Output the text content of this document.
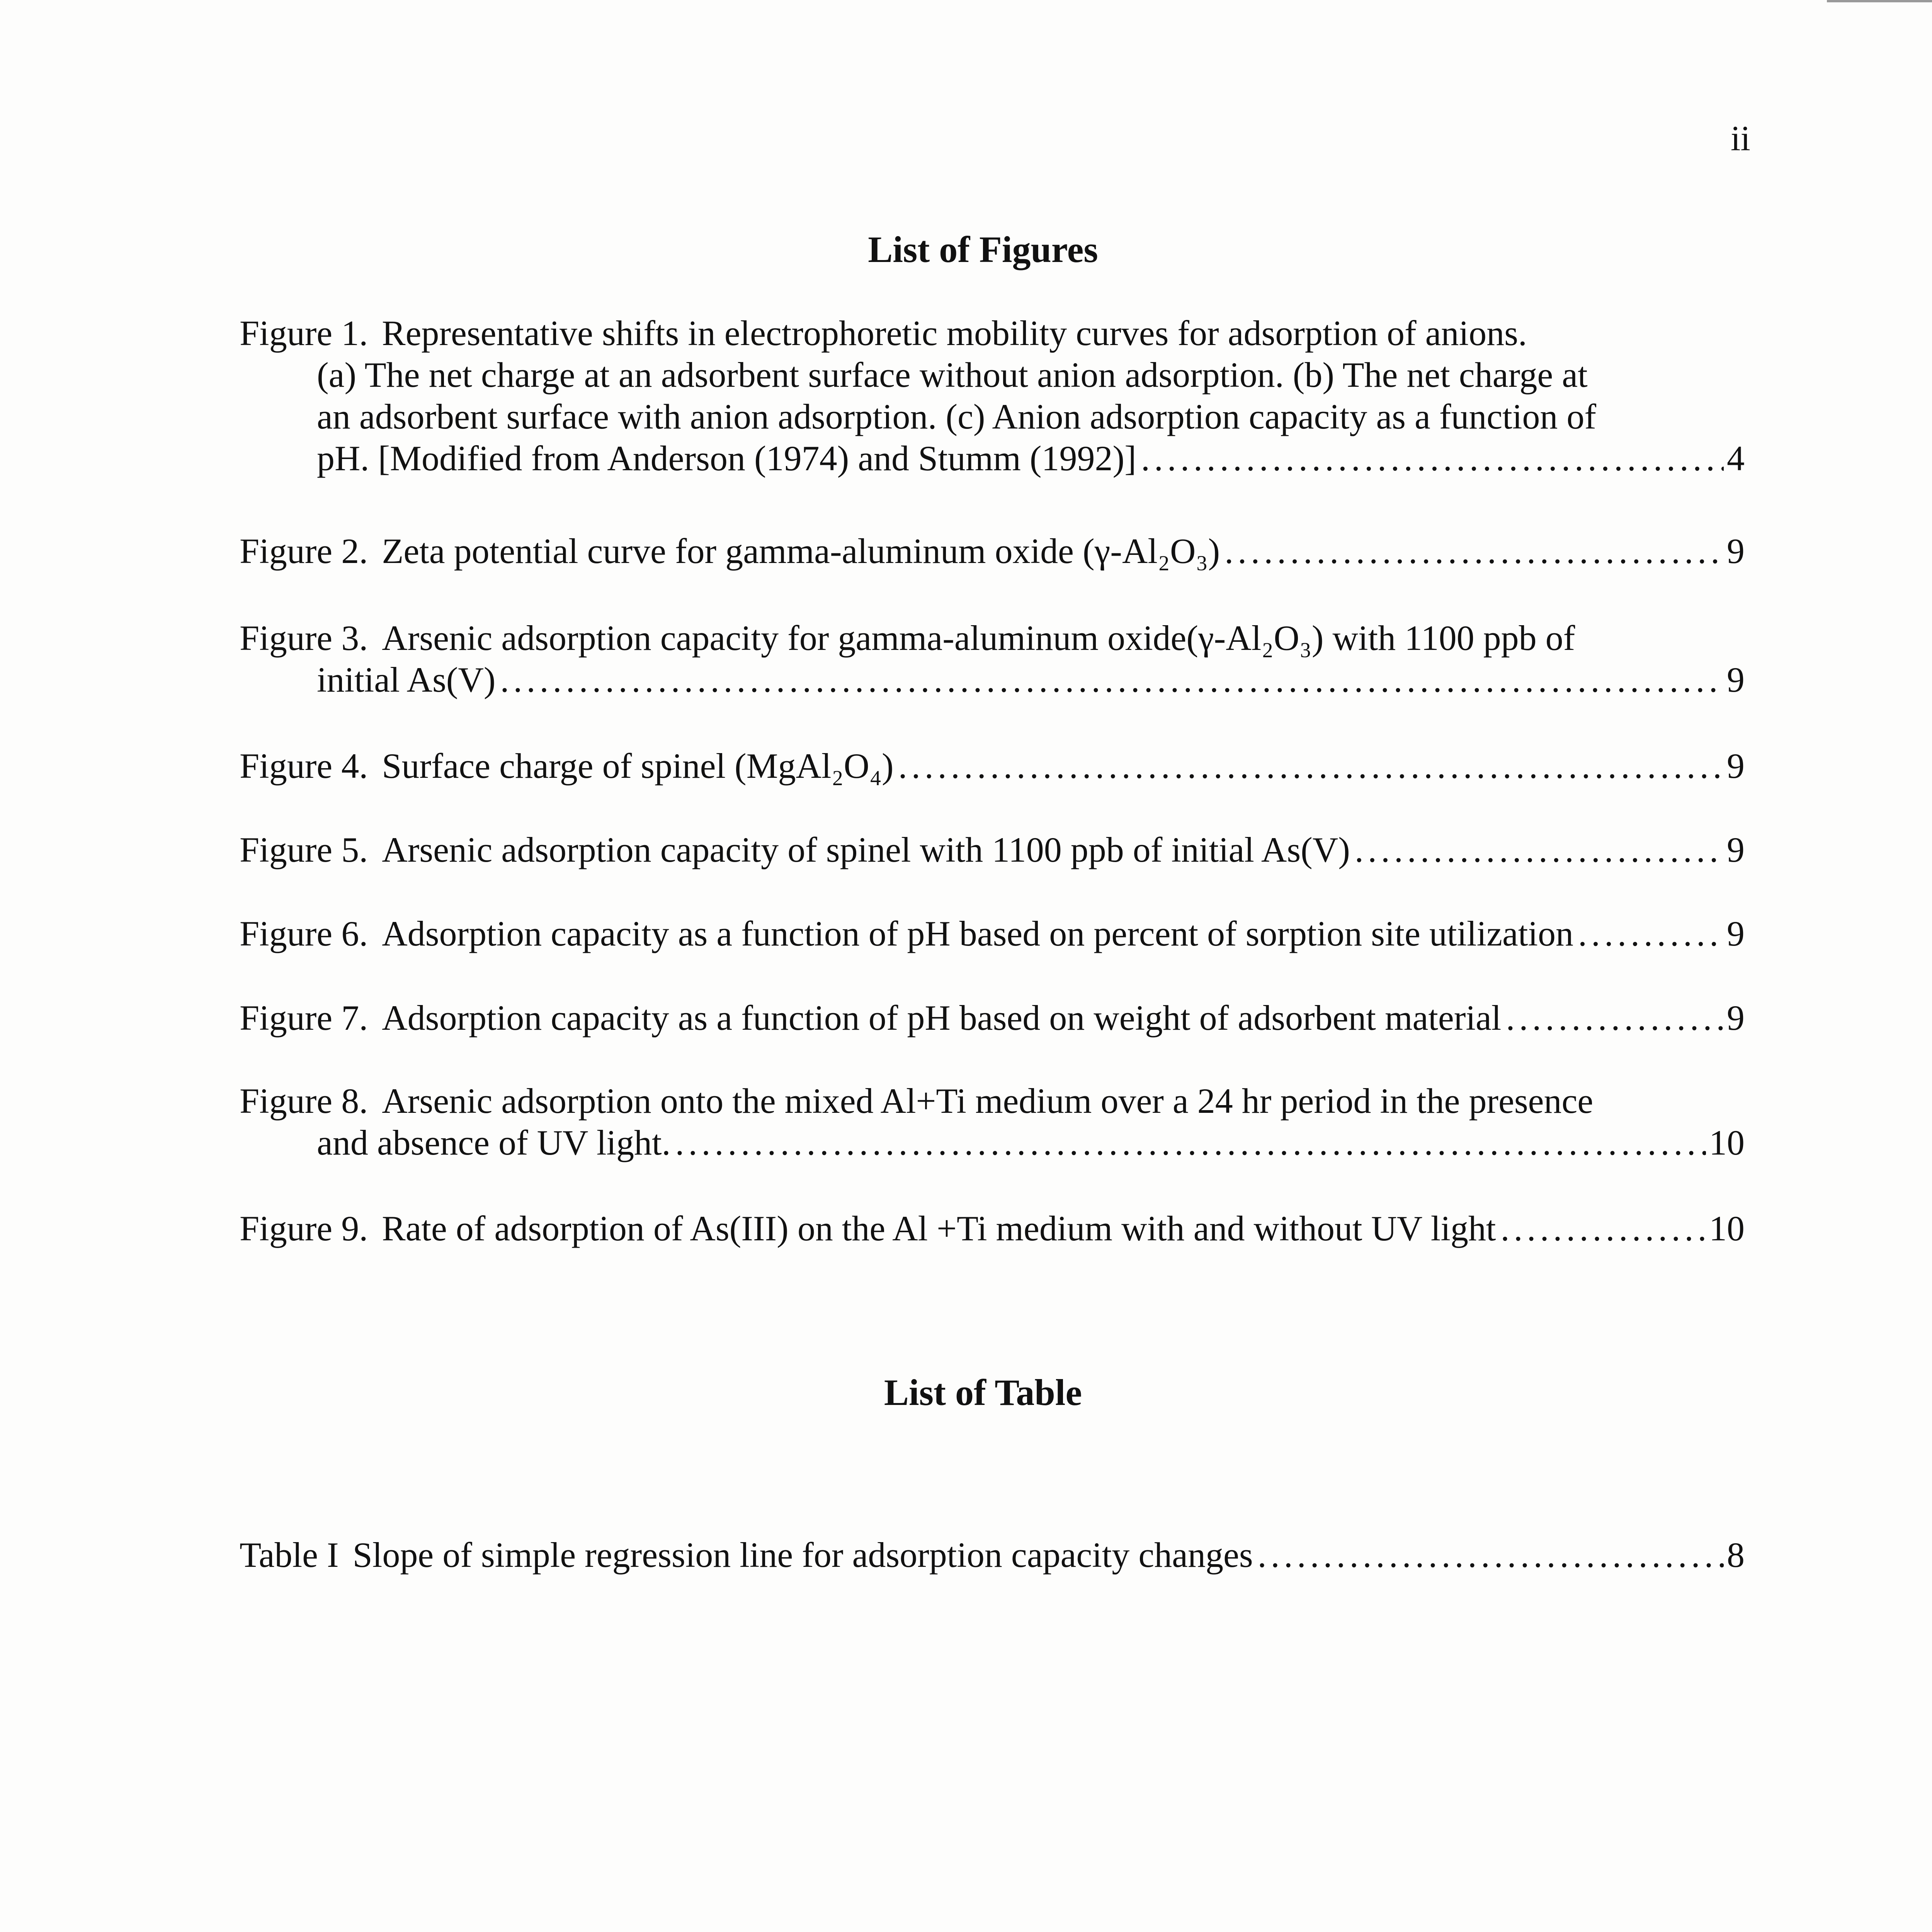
ii
List of Figures
Figure 1. Representative shifts in electrophoretic mobility curves for adsorption of anions.
(a) The net charge at an adsorbent surface without anion adsorption. (b) The net charge at
an adsorbent surface with anion adsorption. (c) Anion adsorption capacity as a function of
pH. [Modified from Anderson (1974) and Stumm (1992)] . . .	4
Figure 2. Zeta potential curve for gamma-aluminum oxide (γ-Al₂O₃) . . .	9
Figure 3. Arsenic adsorption capacity for gamma-aluminum oxide(γ-Al₂O₃) with 1100 ppb of
initial As(V) . . .	9
Figure 4. Surface charge of spinel (MgAl₂O₄) . . .	9
Figure 5. Arsenic adsorption capacity of spinel with 1100 ppb of initial As(V) . . .	9
Figure 6. Adsorption capacity as a function of pH based on percent of sorption site utilization . . .	9
Figure 7. Adsorption capacity as a function of pH based on weight of adsorbent material . . .	9
Figure 8. Arsenic adsorption onto the mixed Al+Ti medium over a 24 hr period in the presence
and absence of UV light. . . .	10
Figure 9. Rate of adsorption of As(III) on the Al +Ti medium with and without UV light . . .	10
List of Table
Table I Slope of simple regression line for adsorption capacity changes . . .	8
